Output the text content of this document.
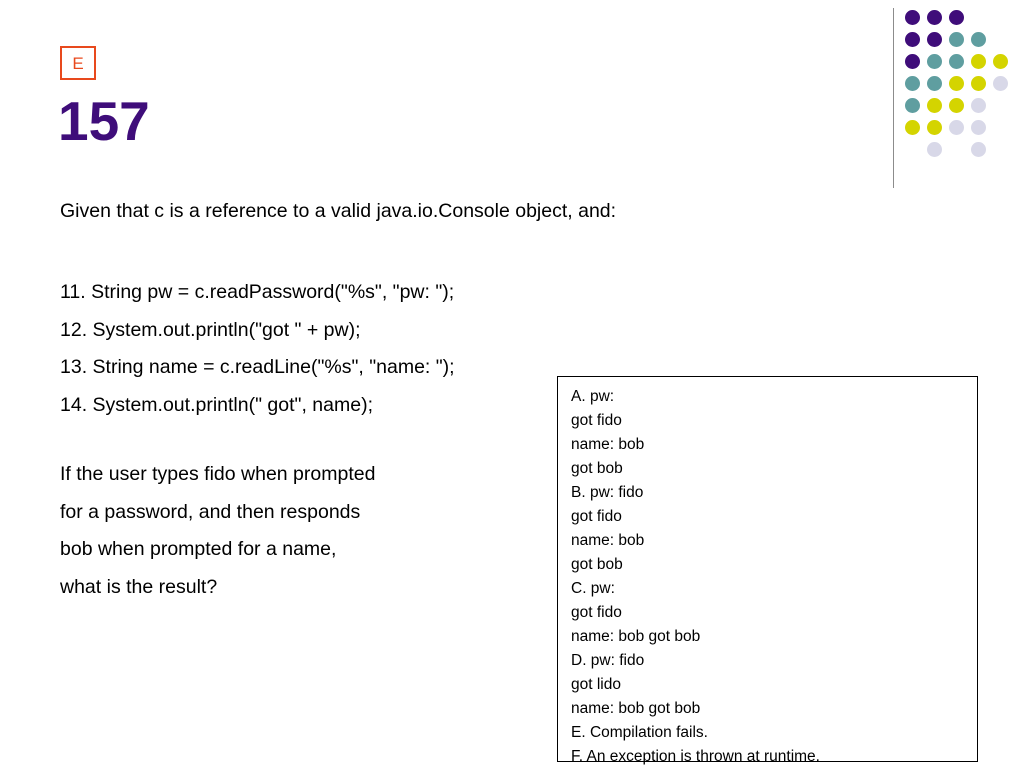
E
157
Given that c is a reference to a valid java.io.Console object, and:
11. String pw = c.readPassword("%s", "pw: ");
12. System.out.println("got " + pw);
13. String name = c.readLine("%s", "name: ");
14. System.out.println(" got", name);
If the user types fido when prompted
for a password, and then responds
bob when prompted for a name,
what is the result?
A. pw:
got fido
name: bob
got bob
B. pw: fido
got fido
name: bob
got bob
C. pw:
got fido
name: bob got bob
D. pw: fido
got lido
name: bob got bob
E. Compilation fails.
F. An exception is thrown at runtime.
